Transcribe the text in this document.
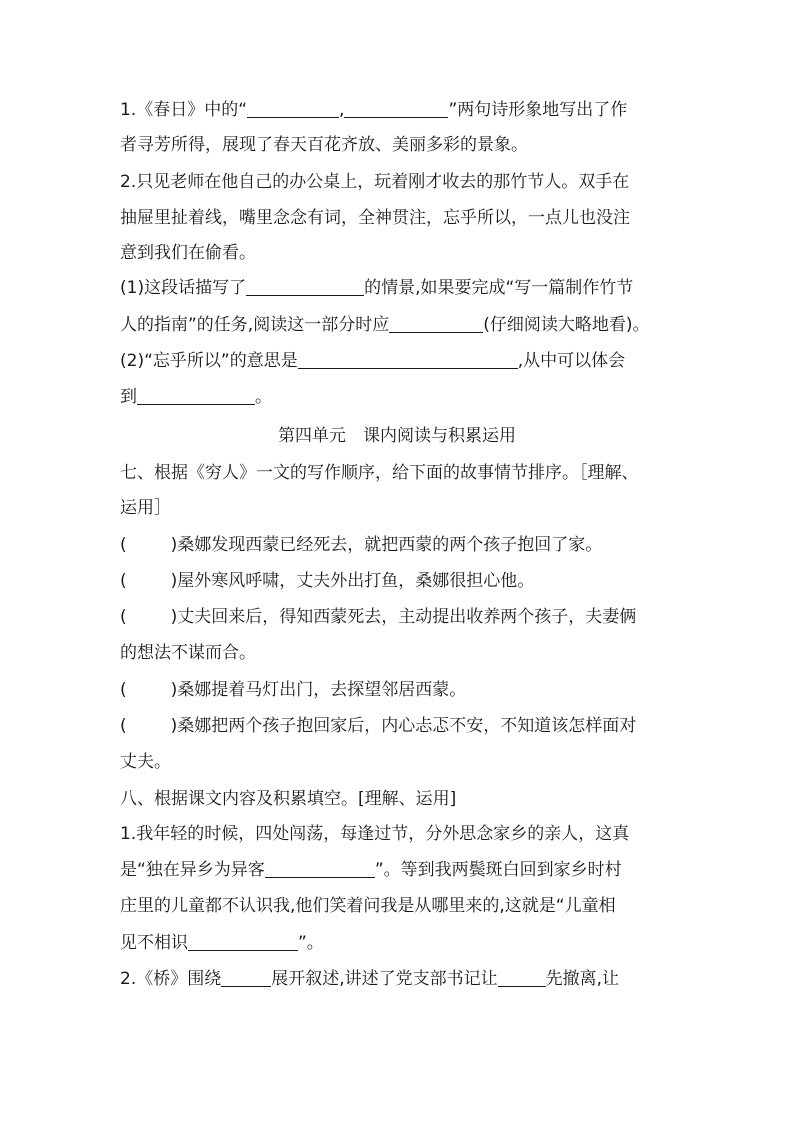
1.《春日》中的“	,	”两句诗形象地写出了作
者寻芳所得，展现了春天百花齐放、美丽多彩的景象。
2.只见老师在他自己的办公桌上，玩着刚才收去的那竹节人。双手在
抽屉里扯着线，嘴里念念有词，全神贯注，忘乎所以，一点儿也没注
意到我们在偷看。
(1)这段话描写了	的情景,如果要完成“写一篇制作竹节
人的指南”的任务,阅读这一部分时应	(仔细阅读大略地看)。
(2)“忘乎所以”的意思是	,从中可以体会
到	。
第四单元　课内阅读与积累运用
七、根据《穷人》一文的写作顺序，给下面的故事情节排序。［理解、
运用］
(	)桑娜发现西蒙已经死去，就把西蒙的两个孩子抱回了家。
(	)屋外寒风呼啸，丈夫外出打鱼，桑娜很担心他。
(	)丈夫回来后，得知西蒙死去，主动提出收养两个孩子，夫妻俩
的想法不谋而合。
(	)桑娜提着马灯出门，去探望邻居西蒙。
(	)桑娜把两个孩子抱回家后，内心忐忑不安，不知道该怎样面对
丈夫。
八、根据课文内容及积累填空。[理解、运用]
1.我年轻的时候，四处闯荡，每逢过节，分外思念家乡的亲人，这真
是“独在异乡为异客	”。等到我两鬓斑白回到家乡时村
庄里的儿童都不认识我,他们笑着问我是从哪里来的,这就是“儿童相
见不相识	”。
2.《桥》围绕	展开叙述,讲述了党支部书记让	先撤离,让
